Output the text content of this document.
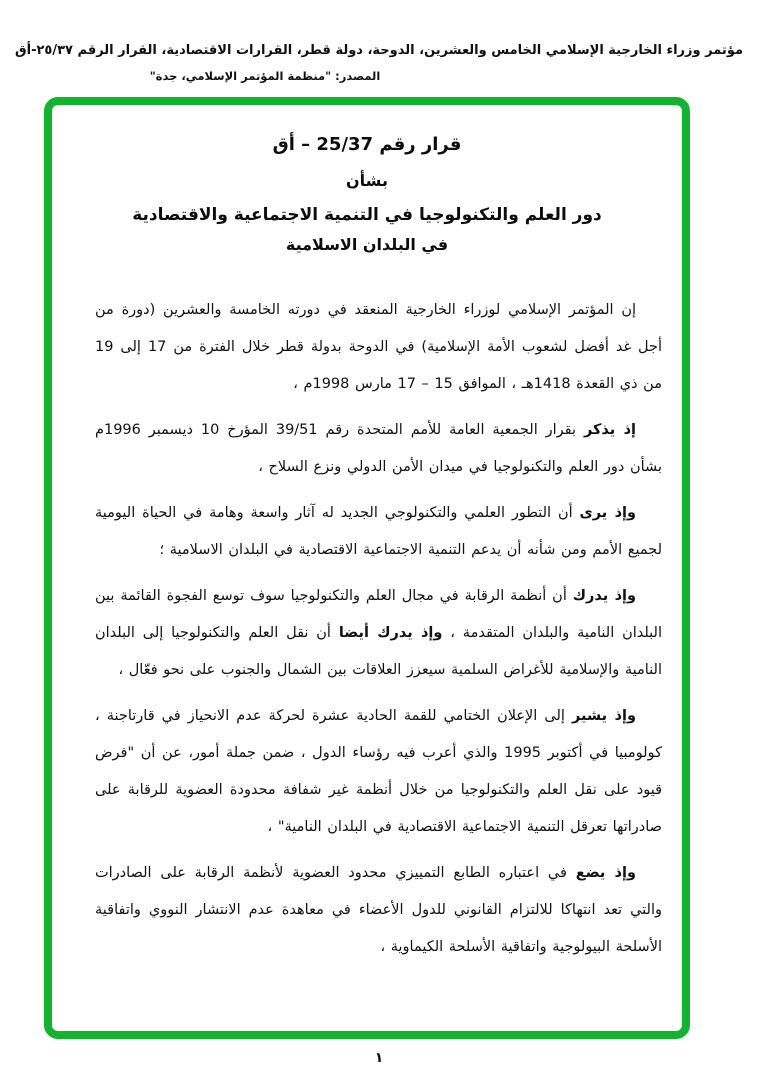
مؤتمر وزراء الخارجية الإسلامي الخامس والعشرين، الدوحة، دولة قطر، القرارات الاقتصادية، القرار الرقم ٢٥/٣٧-أق
المصدر: "منظمة المؤتمر الإسلامي، جدة"
قرار رقم 25/37 – أق
بشأن
دور العلم والتكنولوجيا في التنمية الاجتماعية والاقتصادية
في البلدان الاسلامية

إن المؤتمر الإسلامي لوزراء الخارجية المنعقد في دورته الخامسة والعشرين (دورة من أجل غد أفضل لشعوب الأمة الإسلامية) في الدوحة بدولة قطر خلال الفترة من 17 إلى 19 من ذي القعدة 1418هـ ، الموافق 15 – 17 مارس 1998م ،

إذ يذكر بقرار الجمعية العامة للأمم المتحدة رقم 39/51 المؤرخ 10 ديسمبر 1996م بشأن دور العلم والتكنولوجيا في ميدان الأمن الدولي ونزع السلاح ،

وإذ يرى أن التطور العلمي والتكنولوجي الجديد له آثار واسعة وهامة في الحياة اليومية لجميع الأمم ومن شأنه أن يدعم التنمية الاجتماعية الاقتصادية في البلدان الاسلامية ؛

وإذ يدرك أن أنظمة الرقابة في مجال العلم والتكنولوجيا سوف توسع الفجوة القائمة بين البلدان النامية والبلدان المتقدمة ، وإذ يدرك أيضا أن نقل العلم والتكنولوجيا إلى البلدان النامية والإسلامية للأغراض السلمية سيعزز العلاقات بين الشمال والجنوب على نحو فعّال ،

وإذ يشير إلى الإعلان الختامي للقمة الحادية عشرة لحركة عدم الانحياز في قارتاجنة ، كولومبيا في أكتوبر 1995 والذي أعرب فيه رؤساء الدول ، ضمن جملة أمور، عن أن "فرض قيود على نقل العلم والتكنولوجيا من خلال أنظمة غير شفافة محدودة العضوية للرقابة على صادراتها تعرقل التنمية الاجتماعية الاقتصادية في البلدان النامية" ،

وإذ يضع في اعتباره الطابع التمييزي محدود العضوية لأنظمة الرقابة على الصادرات والتي تعد انتهاكا للالتزام القانوني للدول الأعضاء في معاهدة عدم الانتشار النووي واتفاقية الأسلحة البيولوجية واتفاقية الأسلحة الكيماوية ،

١
